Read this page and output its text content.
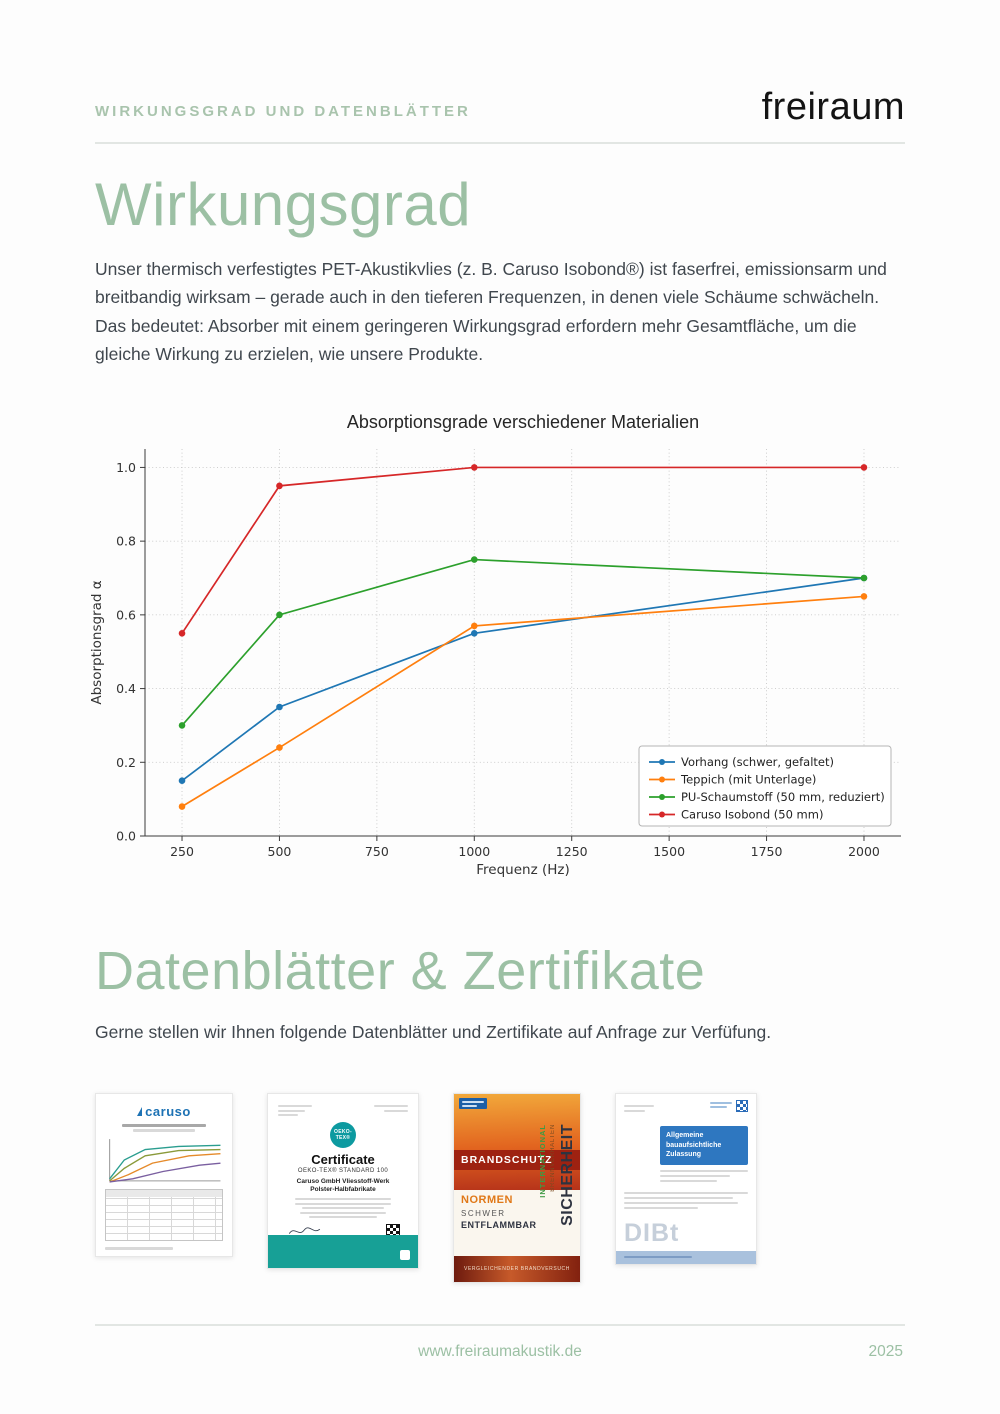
WIRKUNGSGRAD UND DATENBLÄTTER	freiraum
Wirkungsgrad

Unser thermisch verfestigtes PET-Akustikvlies (z. B. Caruso Isobond®) ist faserfrei, emissionsarm und breitbandig wirksam – gerade auch in den tieferen Frequenzen, in denen viele Schäume schwächeln. Das bedeutet: Absorber mit einem geringeren Wirkungsgrad erfordern mehr Gesamtfläche, um die gleiche Wirkung zu erzielen, wie unsere Produkte.

Absorptionsgrade verschiedener Materialien
250	500	750	1000	1250	1500	1750	2000
0.0
0.2
0.4
0.6
0.8
1.0
Frequenz (Hz)
Absorptionsgrad α
Vorhang (schwer, gefaltet)
Teppich (mit Unterlage)
PU-Schaumstoff (50 mm, reduziert)
Caruso Isobond (50 mm)
Datenblätter & Zertifikate

Gerne stellen wir Ihnen folgende Datenblätter und Zertifikate auf Anfrage zur Verfüfung.

caruso
OEKO-TEX®
Certificate
OEKO-TEX® STANDARD 100
Caruso GmbH Vliesstoff-Werk Polster-Halbfabrikate
BRANDSCHUTZ
NORMEN
SCHWER
ENTFLAMMBAR
INTERNATIONAL BRENNVERHALTEN SICHERHEIT
VERGLEICHENDER BRANDVERSUCH
Allgemeine bauaufsichtliche Zulassung
DIBt
www.freiraumakustik.de	2025
